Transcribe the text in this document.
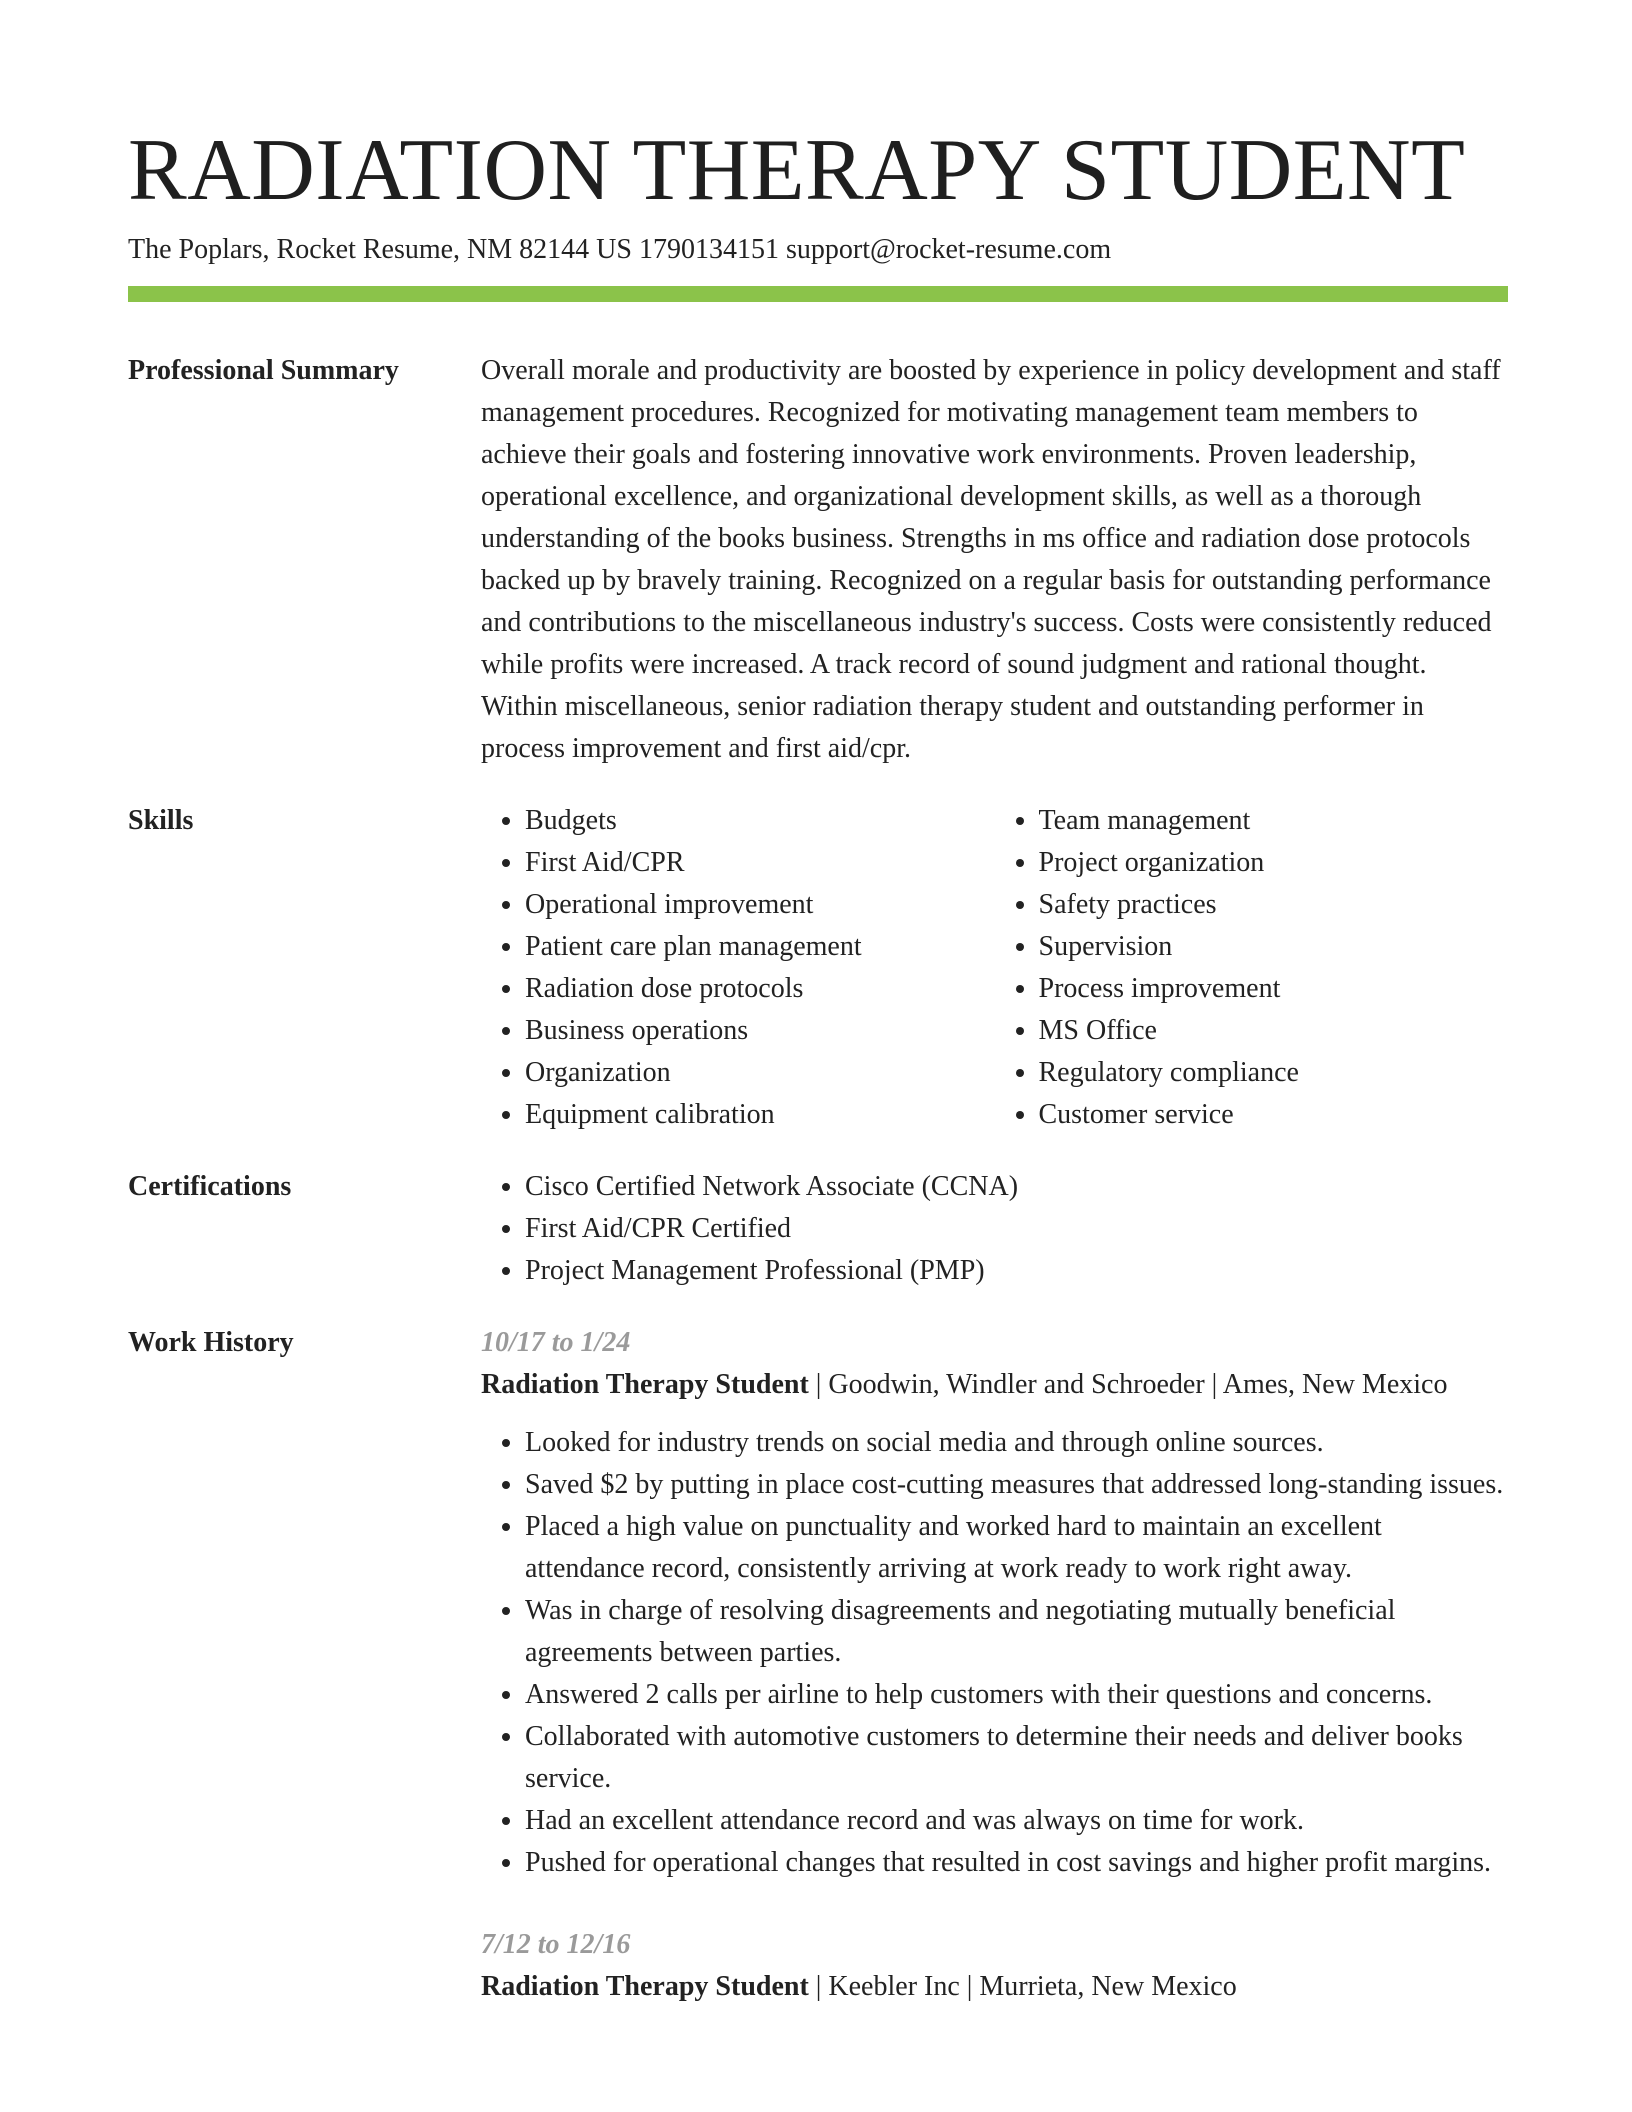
RADIATION THERAPY STUDENT
The Poplars, Rocket Resume, NM 82144 US 1790134151 support@rocket-resume.com
Professional Summary	Overall morale and productivity are boosted by experience in policy development and staff management procedures. Recognized for motivating management team members to achieve their goals and fostering innovative work environments. Proven leadership, operational excellence, and organizational development skills, as well as a thorough understanding of the books business. Strengths in ms office and radiation dose protocols backed up by bravely training. Recognized on a regular basis for outstanding performance and contributions to the miscellaneous industry's success. Costs were consistently reduced while profits were increased. A track record of sound judgment and rational thought. Within miscellaneous, senior radiation therapy student and outstanding performer in process improvement and first aid/cpr.

Skills	• Budgets
• First Aid/CPR
• Operational improvement
• Patient care plan management
• Radiation dose protocols
• Business operations
• Organization
• Equipment calibration
• Team management
• Project organization
• Safety practices
• Supervision
• Process improvement
• MS Office
• Regulatory compliance
• Customer service
Certifications	• Cisco Certified Network Associate (CCNA)
• First Aid/CPR Certified
• Project Management Professional (PMP)
Work History	10/17 to 1/24
Radiation Therapy Student | Goodwin, Windler and Schroeder | Ames, New Mexico
• Looked for industry trends on social media and through online sources.
• Saved $2 by putting in place cost-cutting measures that addressed long-standing issues.
• Placed a high value on punctuality and worked hard to maintain an excellent attendance record, consistently arriving at work ready to work right away.
• Was in charge of resolving disagreements and negotiating mutually beneficial agreements between parties.
• Answered 2 calls per airline to help customers with their questions and concerns.
• Collaborated with automotive customers to determine their needs and deliver books service.
• Had an excellent attendance record and was always on time for work.
• Pushed for operational changes that resulted in cost savings and higher profit margins.
7/12 to 12/16
Radiation Therapy Student | Keebler Inc | Murrieta, New Mexico
